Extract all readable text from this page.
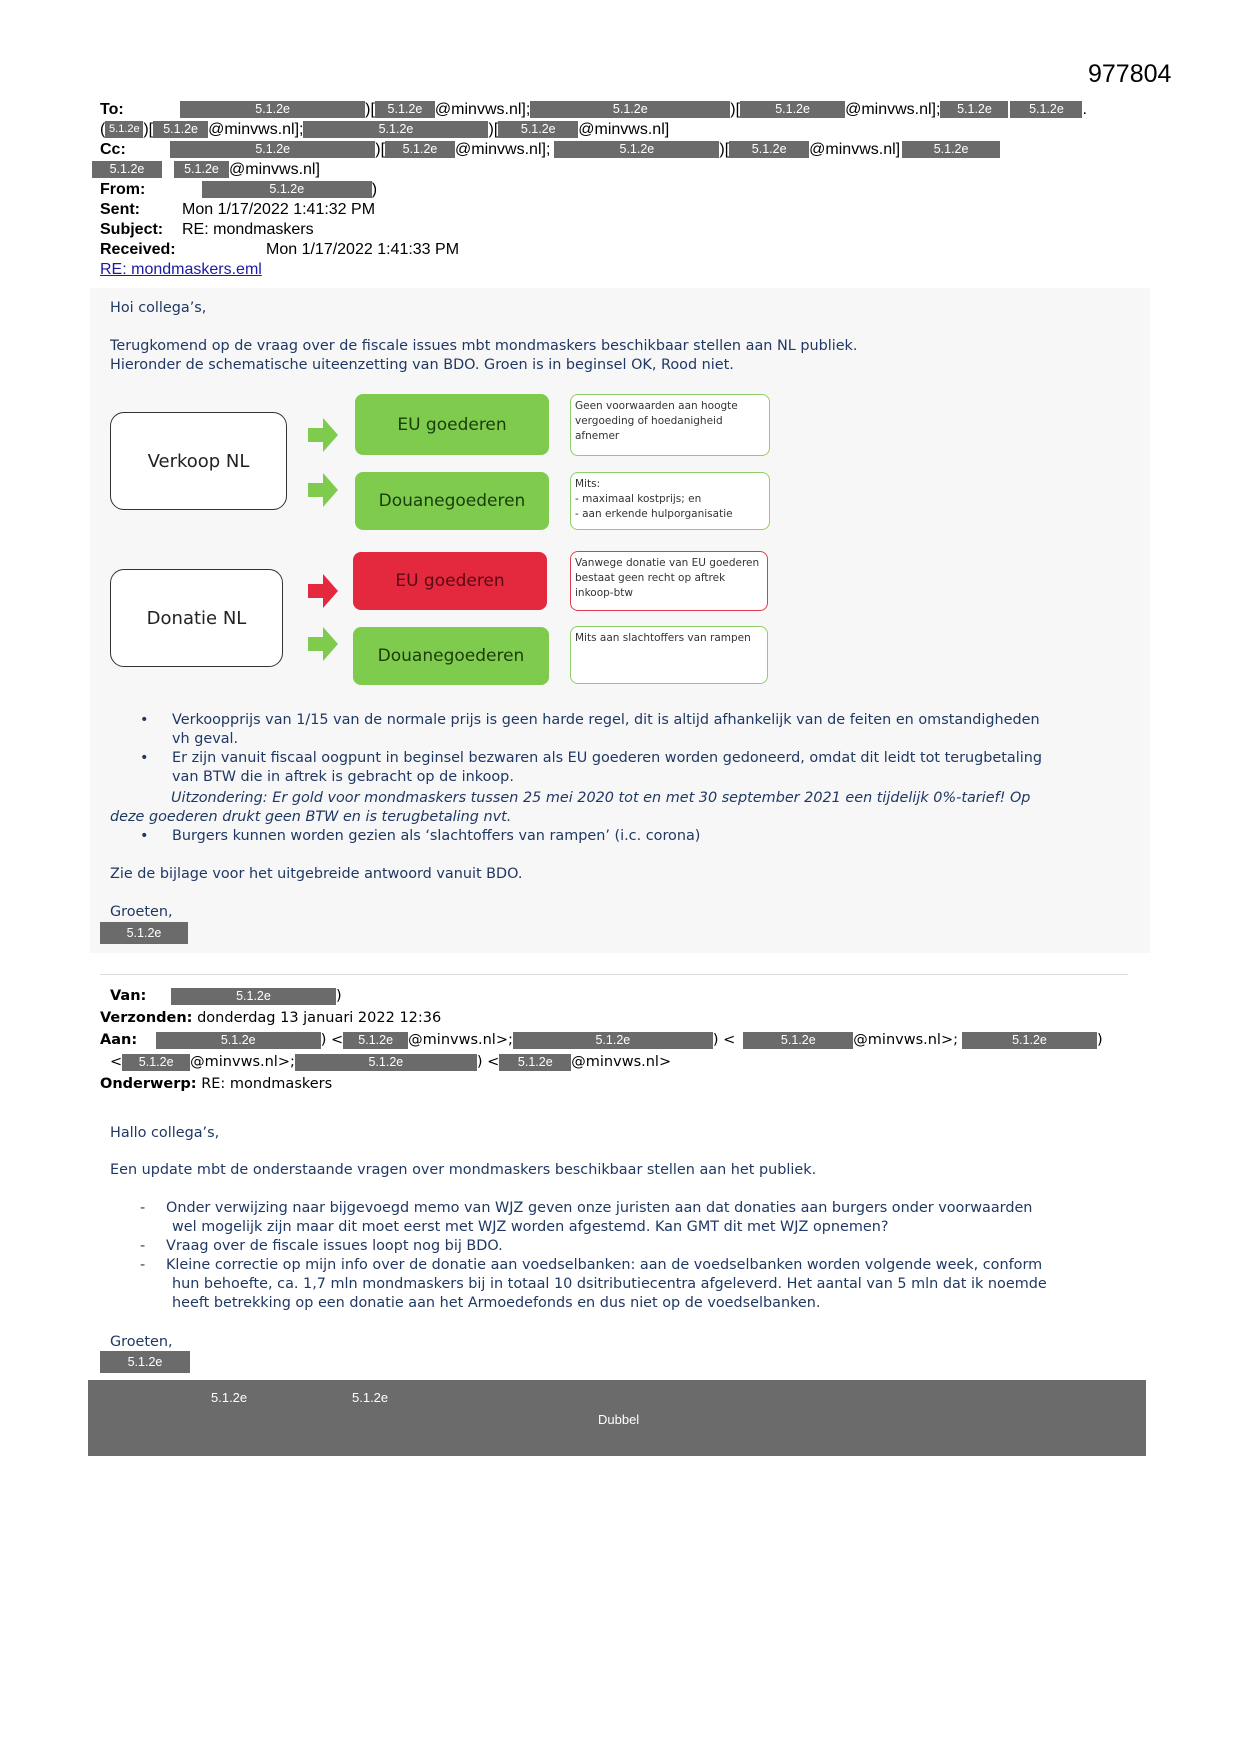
977804
To:	5.1.2e	)[ 5.1.2e @minvws.nl];	5.1.2e	)[	5.1.2e @minvws.nl]; 5.1.2e	5.1.2e .
( 5.1.2e )[ 5.1.2e @minvws.nl];	5.1.2e	)[ 5.1.2e @minvws.nl]
Cc:	5.1.2e	)[ 5.1.2e @minvws.nl];	5.1.2e	)[ 5.1.2e @minvws.nl]	5.1.2e
5.1.2e	5.1.2e @minvws.nl]
From:	5.1.2e	)
Sent:	Mon 1/17/2022 1:41:32 PM
Subject: RE: mondmaskers
Received:	Mon 1/17/2022 1:41:33 PM
RE: mondmaskers.eml
Hoi collega’s,
Terugkomend op de vraag over de fiscale issues mbt mondmaskers beschikbaar stellen aan NL publiek.
Hieronder de schematische uiteenzetting van BDO. Groen is in beginsel OK, Rood niet.
Verkoop NL
Donatie NL
EU goederen
Douanegoederen
EU goederen
Douanegoederen
Geen voorwaarden aan hoogte vergoeding of hoedanigheid afnemer
Mits:
- maximaal kostprijs; en
- aan erkende hulporganisatie
Vanwege donatie van EU goederen bestaat geen recht op aftrek inkoop-btw
Mits aan slachtoffers van rampen
• Verkoopprijs van 1/15 van de normale prijs is geen harde regel, dit is altijd afhankelijk van de feiten en omstandigheden
vh geval.
• Er zijn vanuit fiscaal oogpunt in beginsel bezwaren als EU goederen worden gedoneerd, omdat dit leidt tot terugbetaling
van BTW die in aftrek is gebracht op de inkoop.
Uitzondering: Er gold voor mondmaskers tussen 25 mei 2020 tot en met 30 september 2021 een tijdelijk 0%-tarief! Op
deze goederen drukt geen BTW en is terugbetaling nvt.
• Burgers kunnen worden gezien als ‘slachtoffers van rampen’ (i.c. corona)
Zie de bijlage voor het uitgebreide antwoord vanuit BDO.
Groeten,
5.1.2e
Van:	5.1.2e	)
Verzonden: donderdag 13 januari 2022 12:36
Aan:	5.1.2e	) < 5.1.2e @minvws.nl>;	5.1.2e	) <	5.1.2e	@minvws.nl>;	5.1.2e	)
< 5.1.2e @minvws.nl>;	5.1.2e	) < 5.1.2e @minvws.nl>
Onderwerp: RE: mondmaskers
Hallo collega’s,
Een update mbt de onderstaande vragen over mondmaskers beschikbaar stellen aan het publiek.
- Onder verwijzing naar bijgevoegd memo van WJZ geven onze juristen aan dat donaties aan burgers onder voorwaarden
wel mogelijk zijn maar dit moet eerst met WJZ worden afgestemd. Kan GMT dit met WJZ opnemen?
- Vraag over de fiscale issues loopt nog bij BDO.
- Kleine correctie op mijn info over de donatie aan voedselbanken: aan de voedselbanken worden volgende week, conform
hun behoefte, ca. 1,7 mln mondmaskers bij in totaal 10 dsitributiecentra afgeleverd. Het aantal van 5 mln dat ik noemde
heeft betrekking op een donatie aan het Armoedefonds en dus niet op de voedselbanken.
Groeten,
5.1.2e
5.1.2e	5.1.2e
Dubbel
